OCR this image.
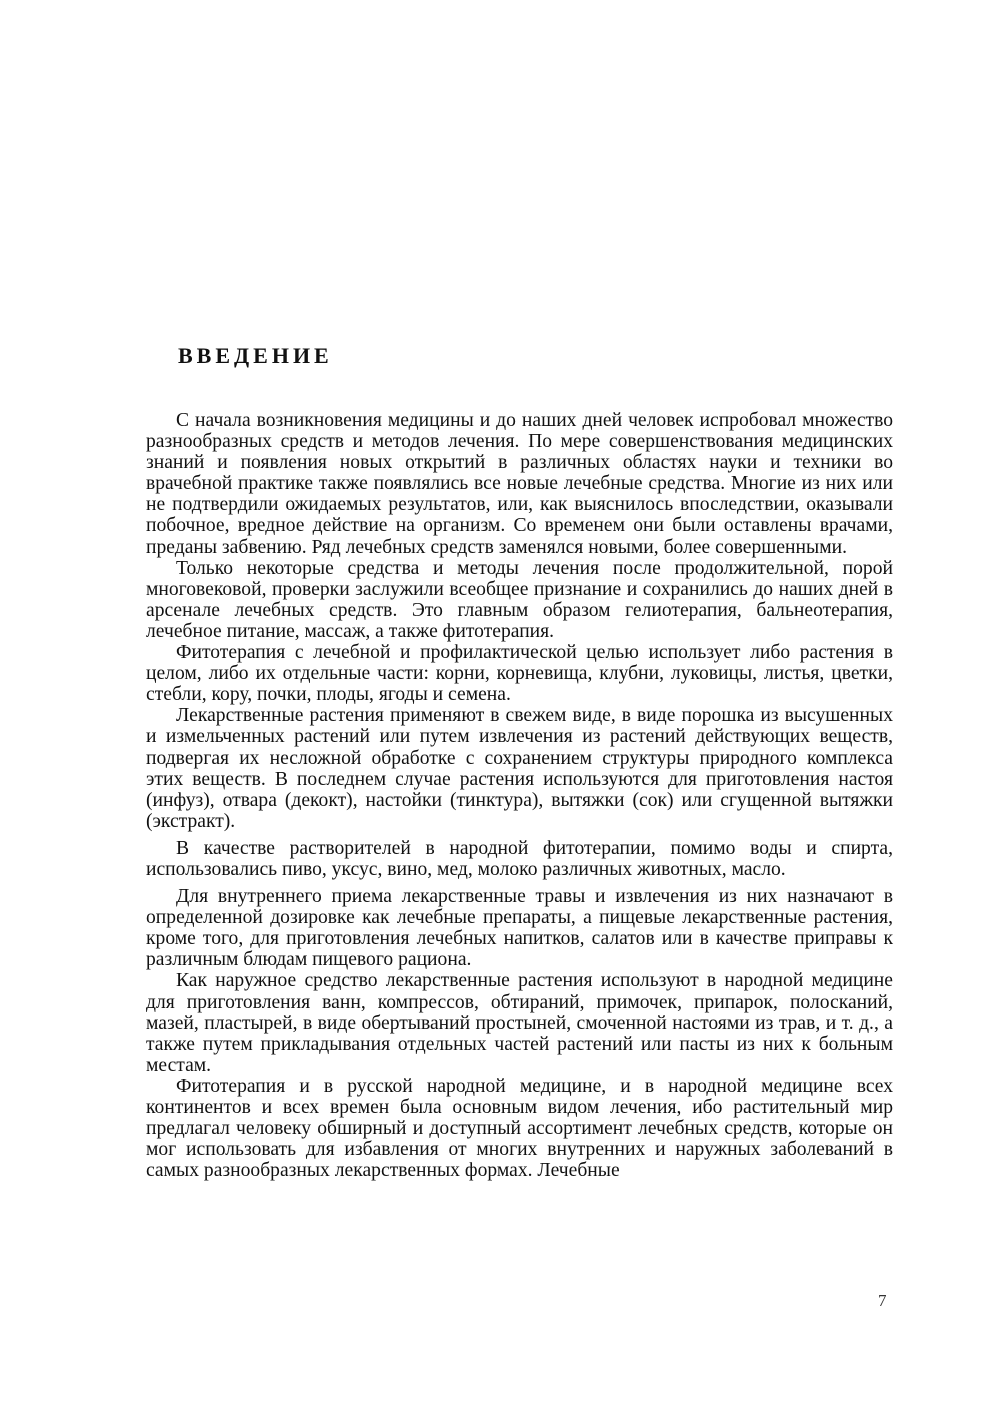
ВВЕДЕНИЕ

С начала возникновения медицины и до наших дней человек испробовал множество разнообразных средств и методов лечения. По мере совершенствования медицинских знаний и появления новых открытий в различных областях науки и техники во врачебной практике также появлялись все новые лечебные средства. Многие из них или не подтвердили ожидаемых результатов, или, как выяснилось впоследствии, оказывали побочное, вредное действие на организм. Со временем они были оставлены врачами, преданы забвению. Ряд лечебных средств заменялся новыми, более совершенными.

Только некоторые средства и методы лечения после продолжительной, порой многовековой, проверки заслужили всеобщее признание и сохранились до наших дней в арсенале лечебных средств. Это главным образом гелиотерапия, бальнеотерапия, лечебное питание, массаж, а также фитотерапия.

Фитотерапия с лечебной и профилактической целью использует либо растения в целом, либо их отдельные части: корни, корневища, клубни, луковицы, листья, цветки, стебли, кору, почки, плоды, ягоды и семена.

Лекарственные растения применяют в свежем виде, в виде порошка из высушенных и измельченных растений или путем извлечения из растений действующих веществ, подвергая их несложной обработке с сохранением структуры природного комплекса этих веществ. В последнем случае растения используются для приготовления настоя (инфуз), отвара (декокт), настойки (тинктура), вытяжки (сок) или сгущенной вытяжки (экстракт).

В качестве растворителей в народной фитотерапии, помимо воды и спирта, использовались пиво, уксус, вино, мед, молоко различных животных, масло.

Для внутреннего приема лекарственные травы и извлечения из них назначают в определенной дозировке как лечебные препараты, а пищевые лекарственные растения, кроме того, для приготовления лечебных напитков, салатов или в качестве приправы к различным блюдам пищевого рациона.

Как наружное средство лекарственные растения используют в народной медицине для приготовления ванн, компрессов, обтираний, примочек, припарок, полосканий, мазей, пластырей, в виде обертываний простыней, смоченной настоями из трав, и т. д., а также путем прикладывания отдельных частей растений или пасты из них к больным местам.

Фитотерапия и в русской народной медицине, и в народной медицине всех континентов и всех времен была основным видом лечения, ибо растительный мир предлагал человеку обширный и доступный ассортимент лечебных средств, которые он мог использовать для избавления от многих внутренних и наружных заболеваний в самых разнообразных лекарственных формах. Лечебные

7
